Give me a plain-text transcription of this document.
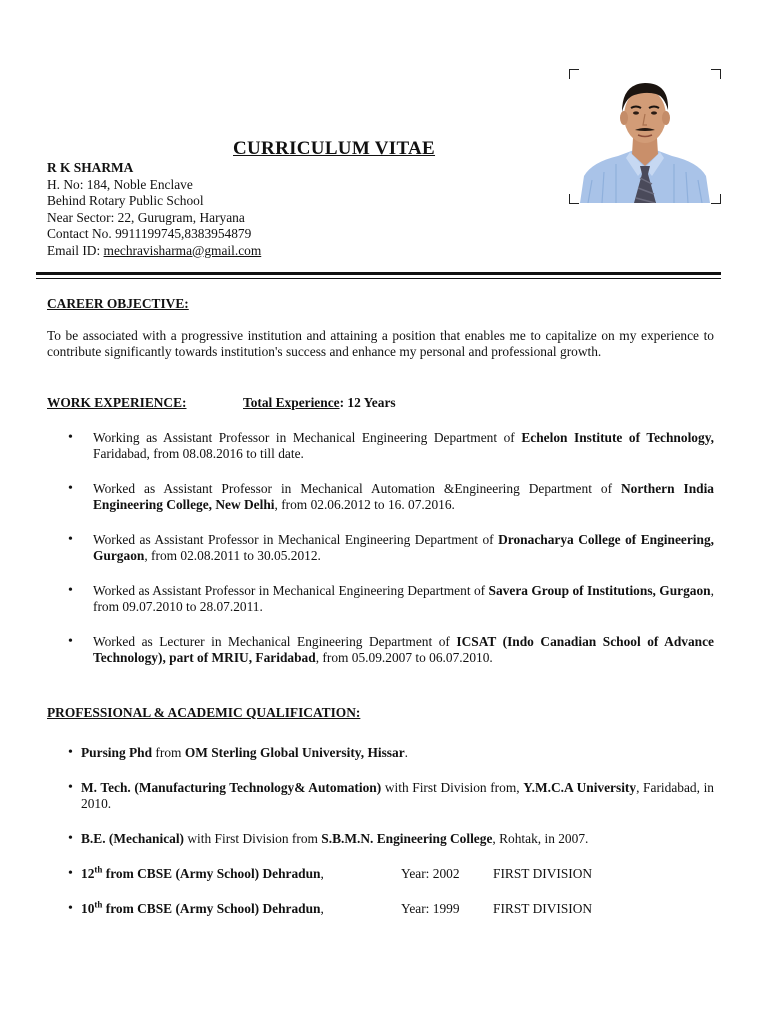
CURRICULUM VITAE
R K SHARMA
H. No: 184, Noble Enclave
Behind Rotary Public School
Near Sector: 22, Gurugram, Haryana
Contact No. 9911199745,8383954879
Email ID: mechravisharma@gmail.com
CAREER OBJECTIVE:

To be associated with a progressive institution and attaining a position that enables me to capitalize on my experience to contribute significantly towards institution's success and enhance my personal and professional growth.

WORK EXPERIENCE:	Total Experience: 12 Years
• Working as Assistant Professor in Mechanical Engineering Department of Echelon Institute of Technology, Faridabad, from 08.08.2016 to till date.
• Worked as Assistant Professor in Mechanical Automation &Engineering Department of Northern India Engineering College, New Delhi, from 02.06.2012 to 16. 07.2016.
• Worked as Assistant Professor in Mechanical Engineering Department of Dronacharya College of Engineering, Gurgaon, from 02.08.2011 to 30.05.2012.
• Worked as Assistant Professor in Mechanical Engineering Department of Savera Group of Institutions, Gurgaon, from 09.07.2010 to 28.07.2011.
• Worked as Lecturer in Mechanical Engineering Department of ICSAT (Indo Canadian School of Advance Technology), part of MRIU, Faridabad, from 05.09.2007 to 06.07.2010.
PROFESSIONAL & ACADEMIC QUALIFICATION:
• Pursing Phd from OM Sterling Global University, Hissar.
• M. Tech. (Manufacturing Technology& Automation) with First Division from, Y.M.C.A University, Faridabad, in 2010.
• B.E. (Mechanical) with First Division from S.B.M.N. Engineering College, Rohtak, in 2007.
• 12th from CBSE (Army School) Dehradun,	Year: 2002 FIRST DIVISION
• 10th from CBSE (Army School) Dehradun,	Year: 1999 FIRST DIVISION
